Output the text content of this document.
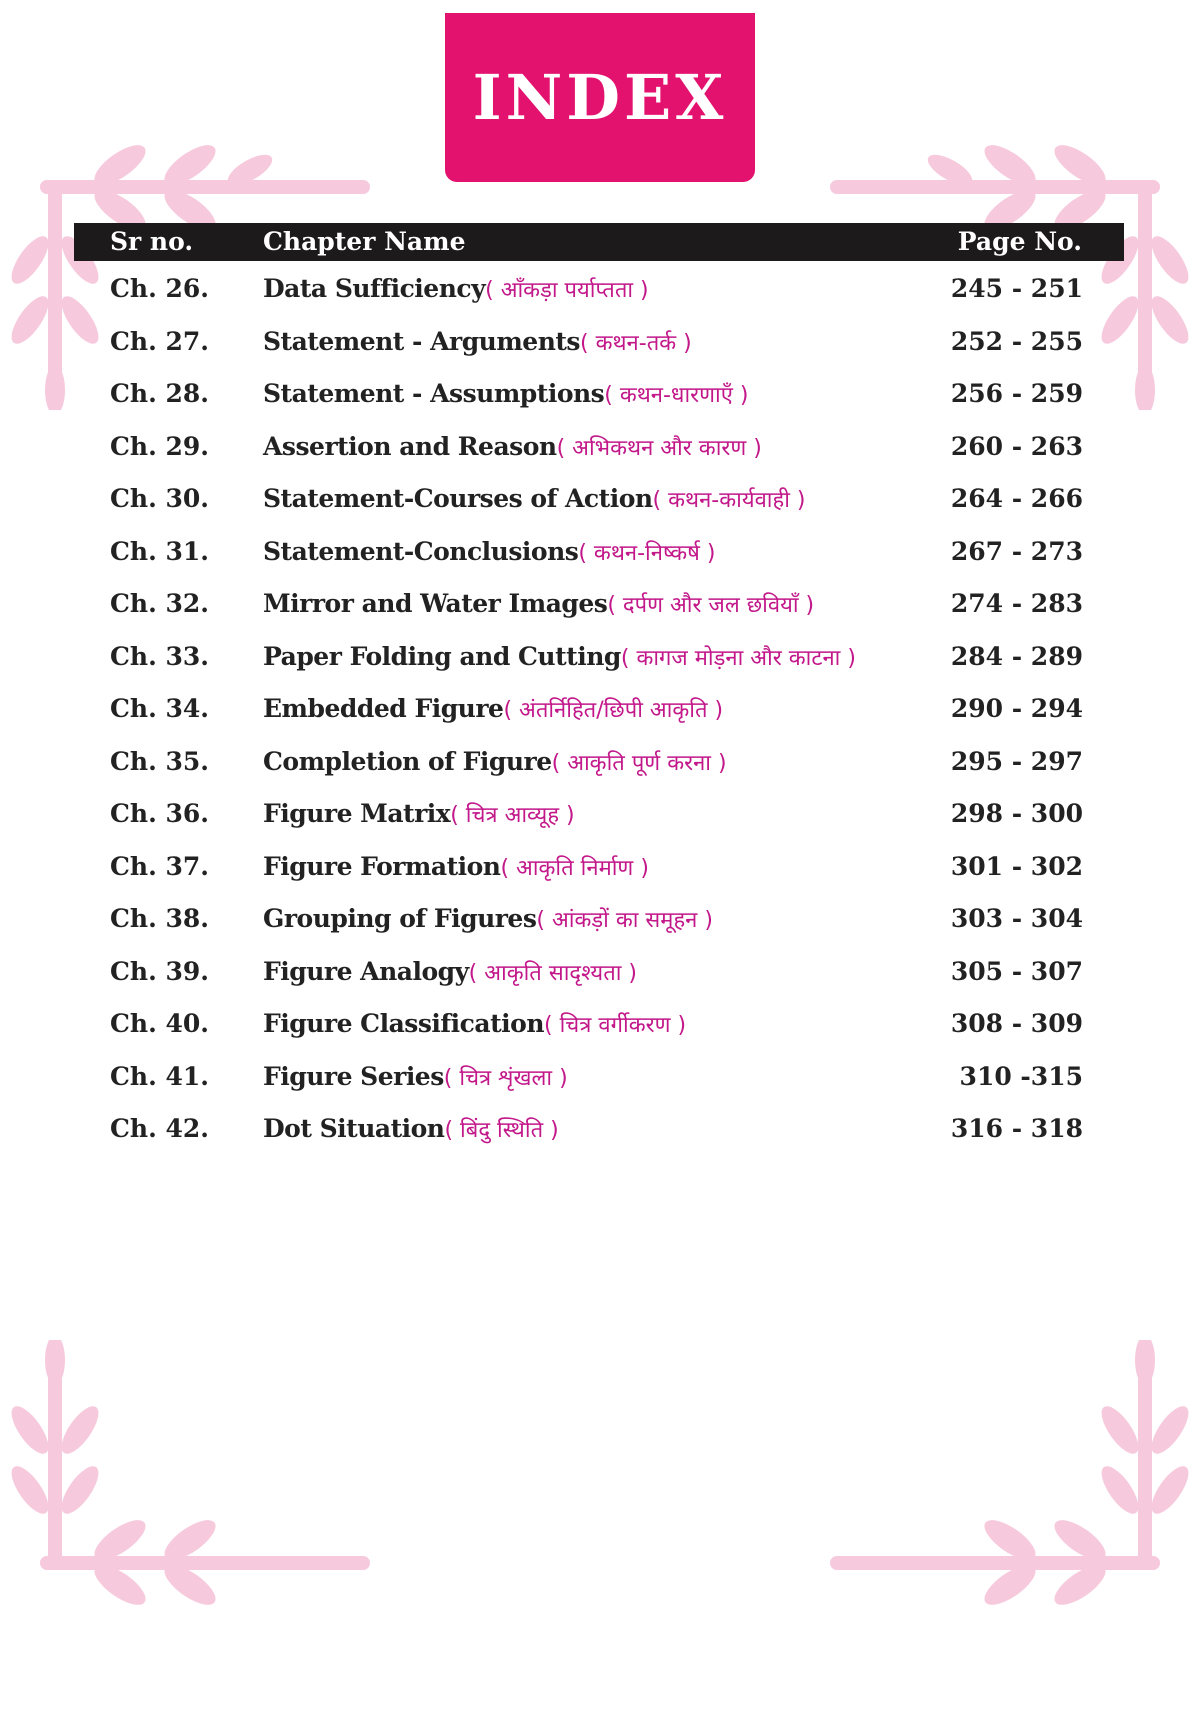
INDEX
Sr no.	Chapter Name	Page No.
Ch. 26. Data Sufficiency( आँकड़ा पर्याप्तता )	245 - 251
Ch. 27. Statement - Arguments( कथन-तर्क )	252 - 255
Ch. 28. Statement - Assumptions( कथन-धारणाएँ )	256 - 259
Ch. 29. Assertion and Reason( अभिकथन और कारण )	260 - 263
Ch. 30. Statement-Courses of Action( कथन-कार्यवाही )	264 - 266
Ch. 31. Statement-Conclusions( कथन-निष्कर्ष )	267 - 273
Ch. 32. Mirror and Water Images( दर्पण और जल छवियाँ )	274 - 283
Ch. 33. Paper Folding and Cutting( कागज मोड़ना और काटना )	284 - 289
Ch. 34. Embedded Figure( अंतर्निहित/छिपी आकृति )	290 - 294
Ch. 35. Completion of Figure( आकृति पूर्ण करना )	295 - 297
Ch. 36. Figure Matrix( चित्र आव्यूह )	298 - 300
Ch. 37. Figure Formation( आकृति निर्माण )	301 - 302
Ch. 38. Grouping of Figures( आंकड़ों का समूहन )	303 - 304
Ch. 39. Figure Analogy( आकृति सादृश्यता )	305 - 307
Ch. 40. Figure Classification( चित्र वर्गीकरण )	308 - 309
Ch. 41. Figure Series( चित्र शृंखला )	310 -315
Ch. 42. Dot Situation( बिंदु स्थिति )	316 - 318
